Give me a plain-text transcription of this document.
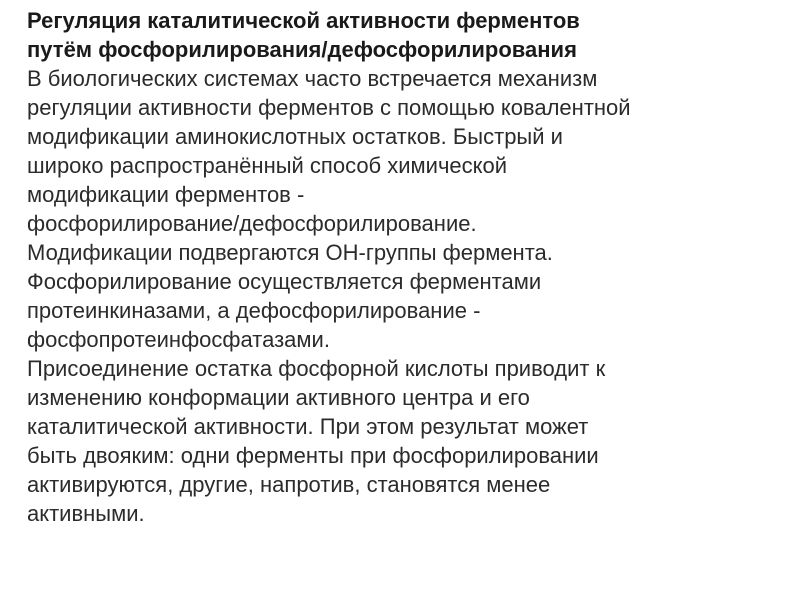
Регуляция каталитической активности ферментов
путём фосфорилирования/дефосфорилирования
В биологических системах часто встречается механизм
регуляции активности ферментов с помощью ковалентной
модификации аминокислотных остатков. Быстрый и
широко распространённый способ химической
модификации ферментов -
фосфорилирование/дефосфорилирование.
Модификации подвергаются ОН-группы фермента.
Фосфорилирование осуществляется ферментами
протеинкиназами, а дефосфорилирование -
фосфопротеинфосфатазами.
Присоединение остатка фосфорной кислоты приводит к
изменению конформации активного центра и его
каталитической активности. При этом результат может
быть двояким: одни ферменты при фосфорилировании
активируются, другие, напротив, становятся менее
активными.
